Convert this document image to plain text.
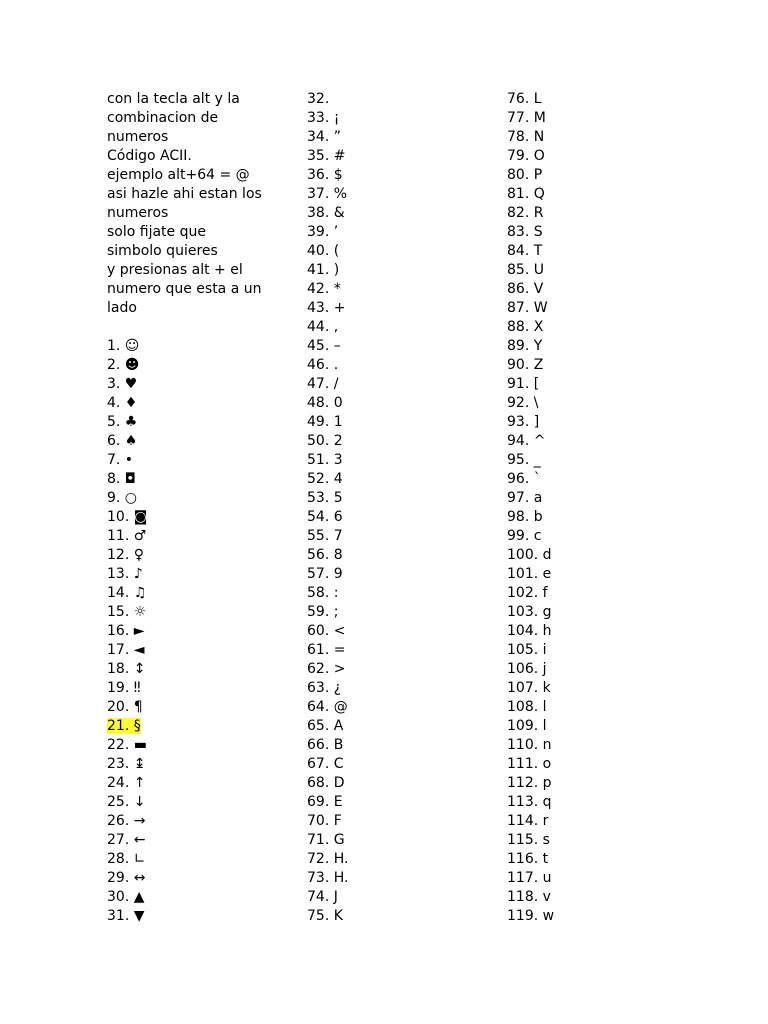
con la tecla alt y la
combinacion de
numeros
Código ACII.
ejemplo alt+64 = @
asi hazle ahi estan los
numeros
solo fijate que
simbolo quieres
y presionas alt + el
numero que esta a un
lado
1. ☺
2. ☻
3. ♥
4. ♦
5. ♣
6. ♠
7. •
8. ◘
9. ○
10. ◙
11. ♂
12. ♀
13. ♪
14. ♫
15. ☼
16. ►
17. ◄
18. ↕
19. ‼
20. ¶
21. §
22. ▬
23. ↨
24. ↑
25. ↓
26. →
27. ←
28. ∟
29. ↔
30. ▲
31. ▼
32.
33. ¡
34. ”
35. #
36. $
37. %
38. &
39. ’
40. (
41. )
42. *
43. +
44. ,
45. –
46. .
47. /
48. 0
49. 1
50. 2
51. 3
52. 4
53. 5
54. 6
55. 7
56. 8
57. 9
58. :
59. ;
60. <
61. =
62. >
63. ¿
64. @
65. A
66. B
67. C
68. D
69. E
70. F
71. G
72. H.
73. H.
74. J
75. K
76. L
77. M
78. N
79. O
80. P
81. Q
82. R
83. S
84. T
85. U
86. V
87. W
88. X
89. Y
90. Z
91. [
92. \
93. ]
94. ^
95. _
96. `
97. a
98. b
99. c
100. d
101. e
102. f
103. g
104. h
105. i
106. j
107. k
108. l
109. l
110. n
111. o
112. p
113. q
114. r
115. s
116. t
117. u
118. v
119. w
